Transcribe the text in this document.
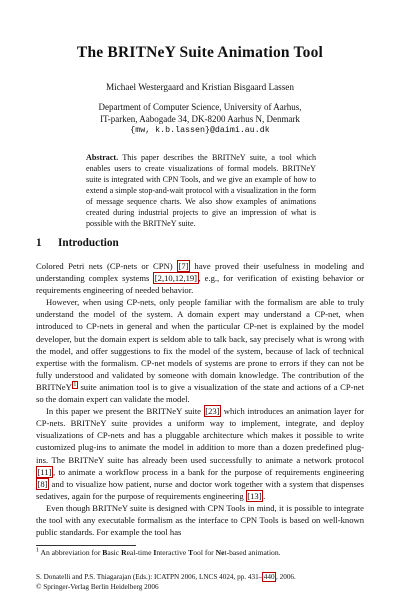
The BRITNeY Suite Animation Tool
Michael Westergaard and Kristian Bisgaard Lassen
Department of Computer Science, University of Aarhus,
IT-parken, Aabogade 34, DK-8200 Aarhus N, Denmark
{mw, k.b.lassen}@daimi.au.dk
Abstract. This paper describes the BRITNeY suite, a tool which enables users to create visualizations of formal models. BRITNeY suite is integrated with CPN Tools, and we give an example of how to extend a simple stop-and-wait protocol with a visualization in the form of message sequence charts. We also show examples of animations created during industrial projects to give an impression of what is possible with the BRITNeY suite.
1 Introduction

Colored Petri nets (CP-nets or CPN) [7] have proved their usefulness in modeling and understanding complex systems [2,10,12,19] , e.g., for verification of existing behavior or requirements engineering of needed behavior.

However, when using CP-nets, only people familiar with the formalism are able to truly understand the model of the system. A domain expert may understand a CP-net, when introduced to CP-nets in general and when the particular CP-net is explained by the model developer, but the domain expert is seldom able to talk back, say precisely what is wrong with the model, and offer suggestions to fix the model of the system, because of lack of technical expertise with the formalism. CP-net models of systems are prone to errors if they can not be fully understood and validated by someone with domain knowledge. The contribution of the BRITNeY $^1$ suite animation tool is to give a visualization of the state and actions of a CP-net so the domain expert can validate the model.

In this paper we present the BRITNeY suite [23] which introduces an animation layer for CP-nets. BRITNeY suite provides a uniform way to implement, integrate, and deploy visualizations of CP-nets and has a pluggable architecture which makes it possible to write customized plug-ins to animate the model in addition to more than a dozen predefined plug-ins. The BRITNeY suite has already been used successfully to animate a network protocol [11] , to animate a workflow process in a bank for the purpose of requirements engineering [8] and to visualize how patient, nurse and doctor work together with a system that dispenses sedatives, again for the purpose of requirements engineering [13] .

Even though BRITNeY suite is designed with CPN Tools in mind, it is possible to integrate the tool with any executable formalism as the interface to CPN Tools is based on well-known public standards. For example the tool has

$^1$ An abbreviation for Basic Real-time Interactive Tool for Net-based animation.
S. Donatelli and P.S. Thiagarajan (Eds.): ICATPN 2006, LNCS 4024, pp. 431– 440 , 2006.
© Springer-Verlag Berlin Heidelberg 2006
